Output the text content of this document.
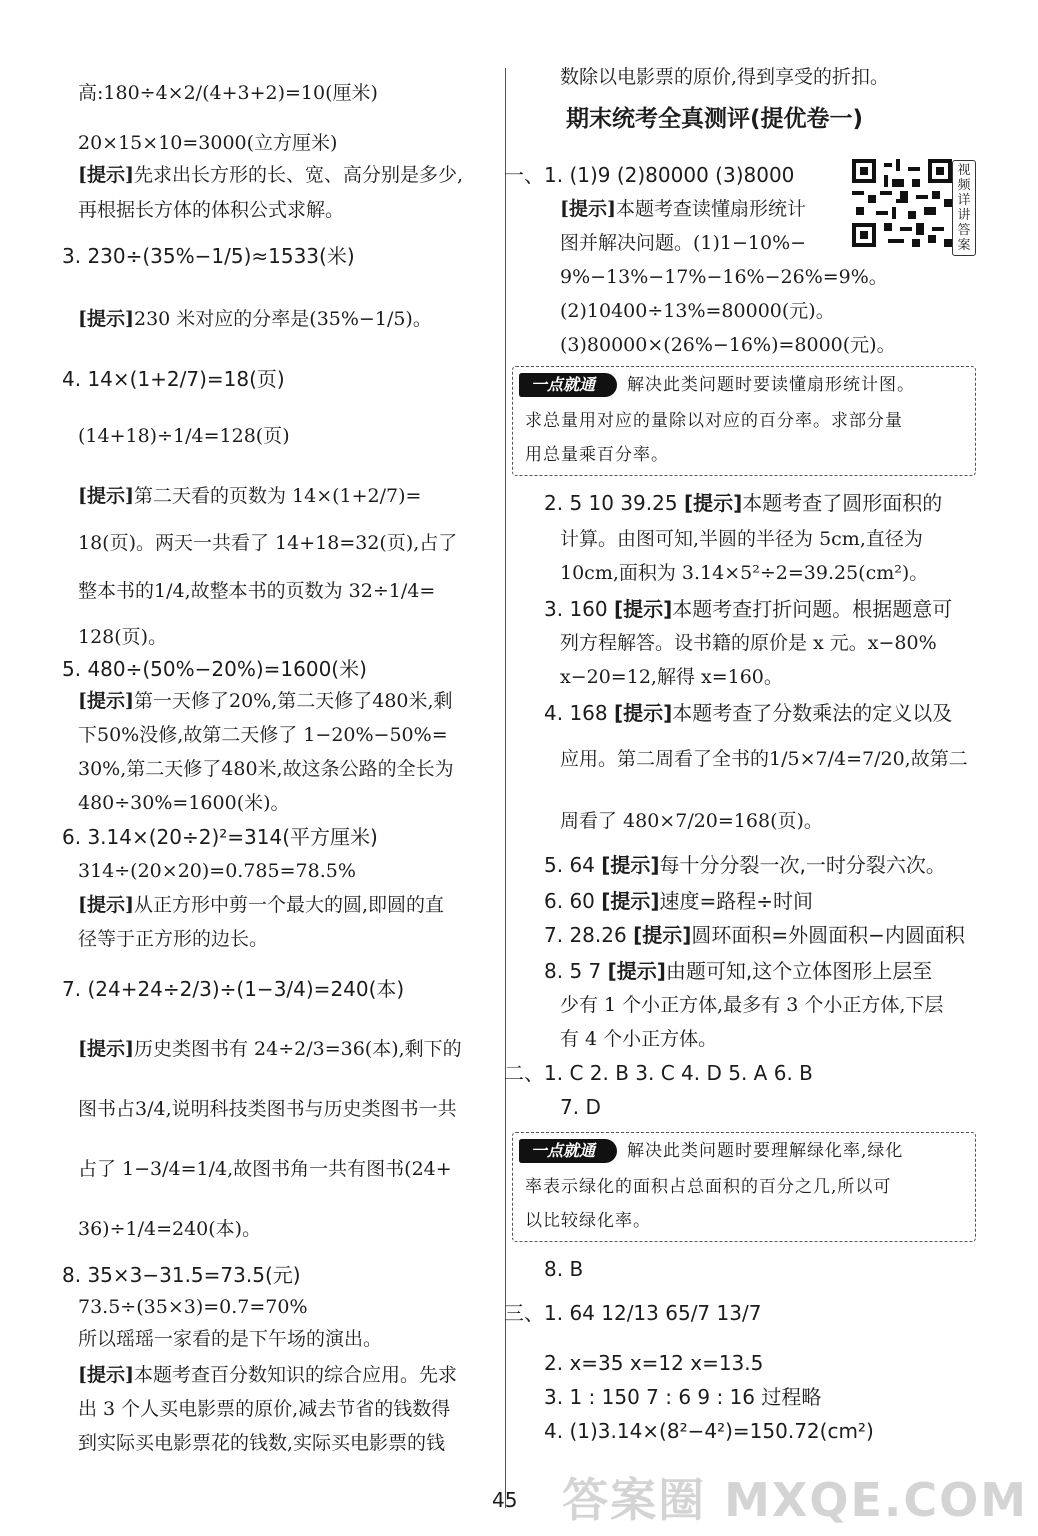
高:180÷4×2/(4+3+2)=10(厘米)
20×15×10=3000(立方厘米)
[提示]先求出长方形的长、宽、高分别是多少,
再根据长方体的体积公式求解。
3. 230÷(35%−1/5)≈1533(米)
[提示]230 米对应的分率是(35%−1/5)。
4. 14×(1+2/7)=18(页)
(14+18)÷1/4=128(页)
[提示]第二天看的页数为 14×(1+2/7)=
18(页)。两天一共看了 14+18=32(页),占了
整本书的1/4,故整本书的页数为 32÷1/4=
128(页)。
5. 480÷(50%−20%)=1600(米)
[提示]第一天修了20%,第二天修了480米,剩
下50%没修,故第二天修了 1−20%−50%=
30%,第二天修了480米,故这条公路的全长为
480÷30%=1600(米)。
6. 3.14×(20÷2)²=314(平方厘米)
314÷(20×20)=0.785=78.5%
[提示]从正方形中剪一个最大的圆,即圆的直
径等于正方形的边长。
7. (24+24÷2/3)÷(1−3/4)=240(本)
[提示]历史类图书有 24÷2/3=36(本),剩下的
图书占3/4,说明科技类图书与历史类图书一共
占了 1−3/4=1/4,故图书角一共有图书(24+
36)÷1/4=240(本)。
8. 35×3−31.5=73.5(元)
73.5÷(35×3)=0.7=70%
所以瑶瑶一家看的是下午场的演出。
[提示]本题考查百分数知识的综合应用。先求
出 3 个人买电影票的原价,减去节省的钱数得
到实际买电影票花的钱数,实际买电影票的钱
期末统考全真测评(提优卷一)
视频详讲答案
一点就通	解决此类问题时要读懂扇形统计图。
求总量用对应的量除以对应的百分率。求部分量
用总量乘百分率。
一点就通	解决此类问题时要理解绿化率,绿化
率表示绿化的面积占总面积的百分之几,所以可
以比较绿化率。
数除以电影票的原价,得到享受的折扣。
一、1. (1)9 (2)80000 (3)8000
[提示]本题考查读懂扇形统计
图并解决问题。(1)1−10%−
9%−13%−17%−16%−26%=9%。
(2)10400÷13%=80000(元)。
(3)80000×(26%−16%)=8000(元)。
2. 5 10 39.25 [提示]本题考查了圆形面积的
计算。由图可知,半圆的半径为 5cm,直径为
10cm,面积为 3.14×5²÷2=39.25(cm²)。
3. 160 [提示]本题考查打折问题。根据题意可
列方程解答。设书籍的原价是 x 元。x−80%
x−20=12,解得 x=160。
4. 168 [提示]本题考查了分数乘法的定义以及
应用。第二周看了全书的1/5×7/4=7/20,故第二
周看了 480×7/20=168(页)。
5. 64 [提示]每十分分裂一次,一时分裂六次。
6. 60 [提示]速度=路程÷时间
7. 28.26 [提示]圆环面积=外圆面积−内圆面积
8. 5 7 [提示]由题可知,这个立体图形上层至
少有 1 个小正方体,最多有 3 个小正方体,下层
有 4 个小正方体。
二、1. C 2. B 3. C 4. D 5. A 6. B
7. D
8. B
三、1. 64 12/13 65/7 13/7
2. x=35 x=12 x=13.5
3. 1 : 150 7 : 6 9 : 16 过程略
4. (1)3.14×(8²−4²)=150.72(cm²)
45 答案圈 MXQE.COM
